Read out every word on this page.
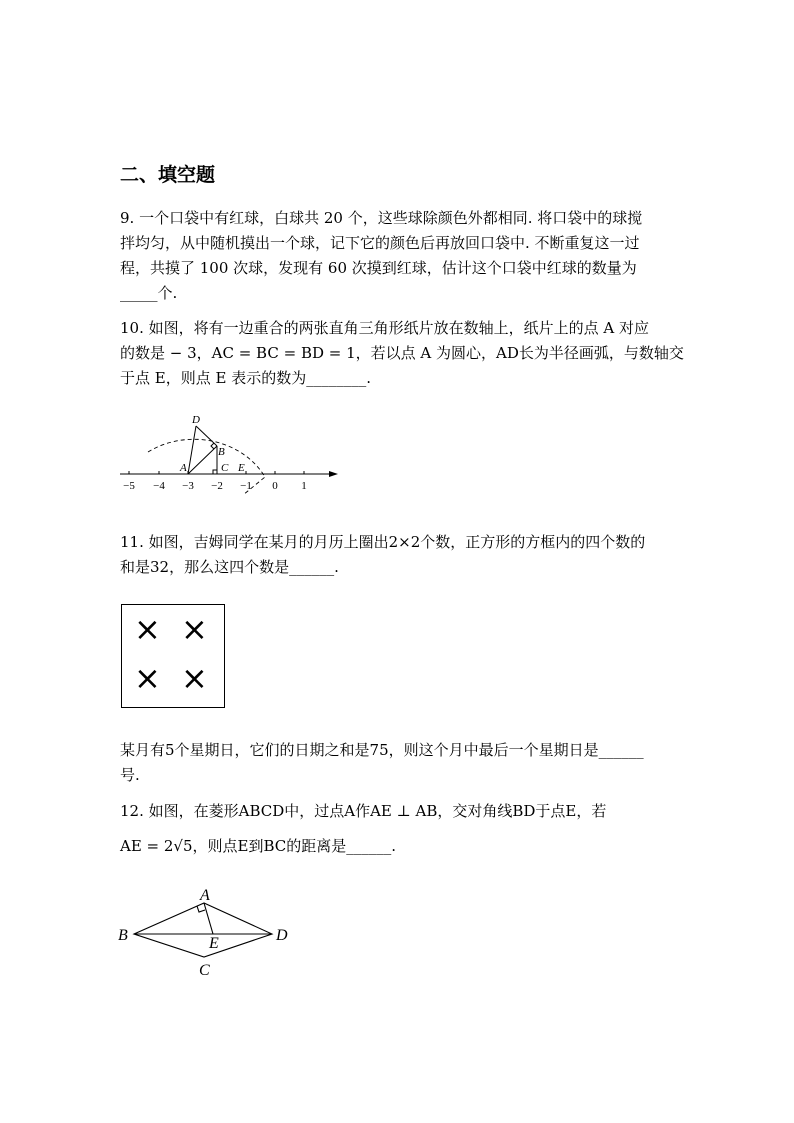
二、填空题
9. 一个口袋中有红球，白球共 20 个，这些球除颜色外都相同. 将口袋中的球搅
拌均匀，从中随机摸出一个球，记下它的颜色后再放回口袋中. 不断重复这一过
程，共摸了 100 次球，发现有 60 次摸到红球，估计这个口袋中红球的数量为
_____个.
10. 如图，将有一边重合的两张直角三角形纸片放在数轴上，纸片上的点 A 对应
的数是 − 3，AC = BC = BD = 1，若以点 A 为圆心，AD长为半径画弧，与数轴交
于点 E，则点 E 表示的数为________.
−5 −4 −3 −2 −1 0 1
D
B
A	C E
11. 如图，吉姆同学在某月的月历上圈出2×2个数，正方形的方框内的四个数的
和是32，那么这四个数是______.
× ×
× ×
某月有5个星期日，它们的日期之和是75，则这个月中最后一个星期日是______
号.
12. 如图，在菱形ABCD中，过点A作AE ⊥ AB，交对角线BD于点E，若
AE = 2√5，则点E到BC的距离是______.
A
B
C
D
E
